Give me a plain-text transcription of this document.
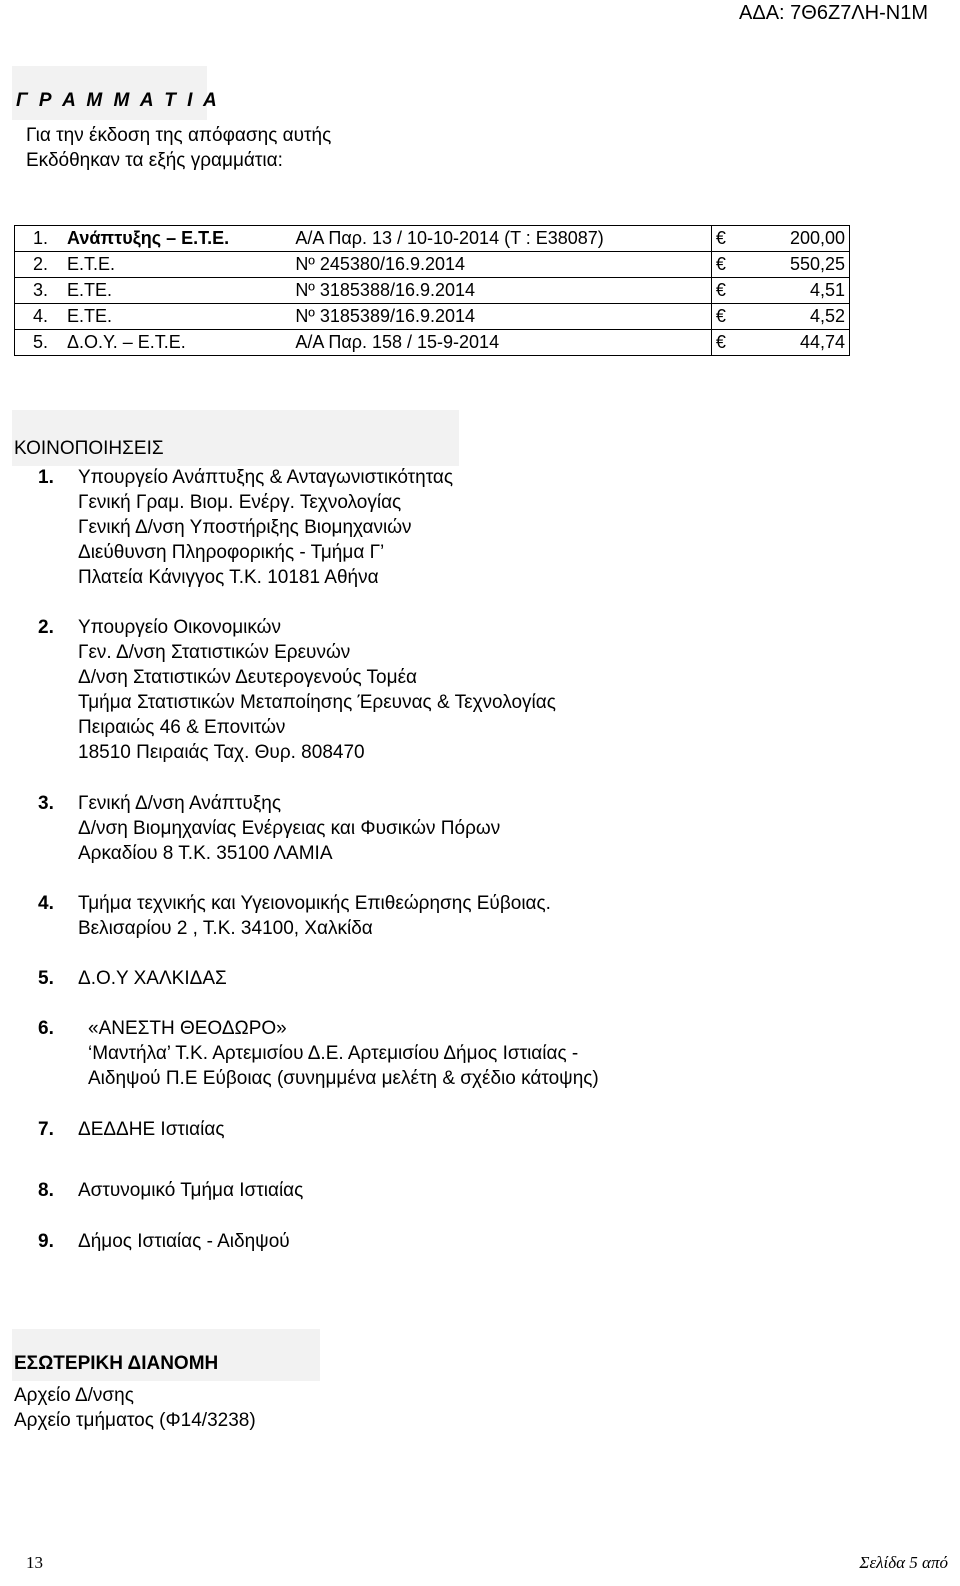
ΑΔΑ: 7Θ6Ζ7ΛΗ-Ν1Μ
Γ Ρ Α Μ Μ Α Τ Ι Α
Για την έκδοση της απόφασης αυτής
Εκδόθηκαν τα εξής γραμμάτια:
1. Ανάπτυξης – Ε.Τ.Ε.	Α/Α Παρ. 13 / 10-10-2014 (Τ : Ε38087)	€	200,00
2. Ε.Τ.Ε.	Νº 245380/16.9.2014	€	550,25
3. Ε.ΤΕ.	Νº 3185388/16.9.2014	€	4,51
4. Ε.ΤΕ.	Νº 3185389/16.9.2014	€	4,52
5. Δ.Ο.Υ. – Ε.Τ.Ε.	Α/Α Παρ. 158 / 15-9-2014	€	44,74
ΚΟΙΝΟΠΟΙΗΣΕΙΣ
1. Υπουργείο Ανάπτυξης & Ανταγωνιστικότητας
Γενική Γραμ. Βιομ. Ενέργ. Τεχνολογίας
Γενική Δ/νση Υποστήριξης Βιομηχανιών
Διεύθυνση Πληροφορικής - Τμήμα Γ’
Πλατεία Κάνιγγος Τ.Κ. 10181 Αθήνα
2. Υπουργείο Οικονομικών
Γεν. Δ/νση Στατιστικών Ερευνών
Δ/νση Στατιστικών Δευτερογενούς Τομέα
Τμήμα Στατιστικών Μεταποίησης Έρευνας & Τεχνολογίας
Πειραιώς 46 & Επονιτών
18510 Πειραιάς Ταχ. Θυρ. 808470
3. Γενική Δ/νση Ανάπτυξης
Δ/νση Βιομηχανίας Ενέργειας και Φυσικών Πόρων
Αρκαδίου 8 Τ.Κ. 35100 ΛΑΜΙΑ
4. Τμήμα τεχνικής και Υγειονομικής Επιθεώρησης Εύβοιας.
Βελισαρίου 2 , Τ.Κ. 34100, Χαλκίδα
5. Δ.Ο.Υ ΧΑΛΚΙΔΑΣ
6. «ΑΝΕΣΤΗ ΘΕΟΔΩΡΟ»
‘Μαντήλα’ Τ.Κ. Αρτεμισίου Δ.Ε. Αρτεμισίου Δήμος Ιστιαίας -
Αιδηψού Π.Ε Εύβοιας (συνημμένα μελέτη & σχέδιο κάτοψης)
7. ΔΕΔΔΗΕ Ιστιαίας
8. Αστυνομικό Τμήμα Ιστιαίας
9. Δήμος Ιστιαίας - Αιδηψού
ΕΣΩΤΕΡΙΚΗ ΔΙΑΝΟΜΗ
Αρχείο Δ/νσης
Αρχείο τμήματος (Φ14/3238)
13	Σελίδα 5 από
